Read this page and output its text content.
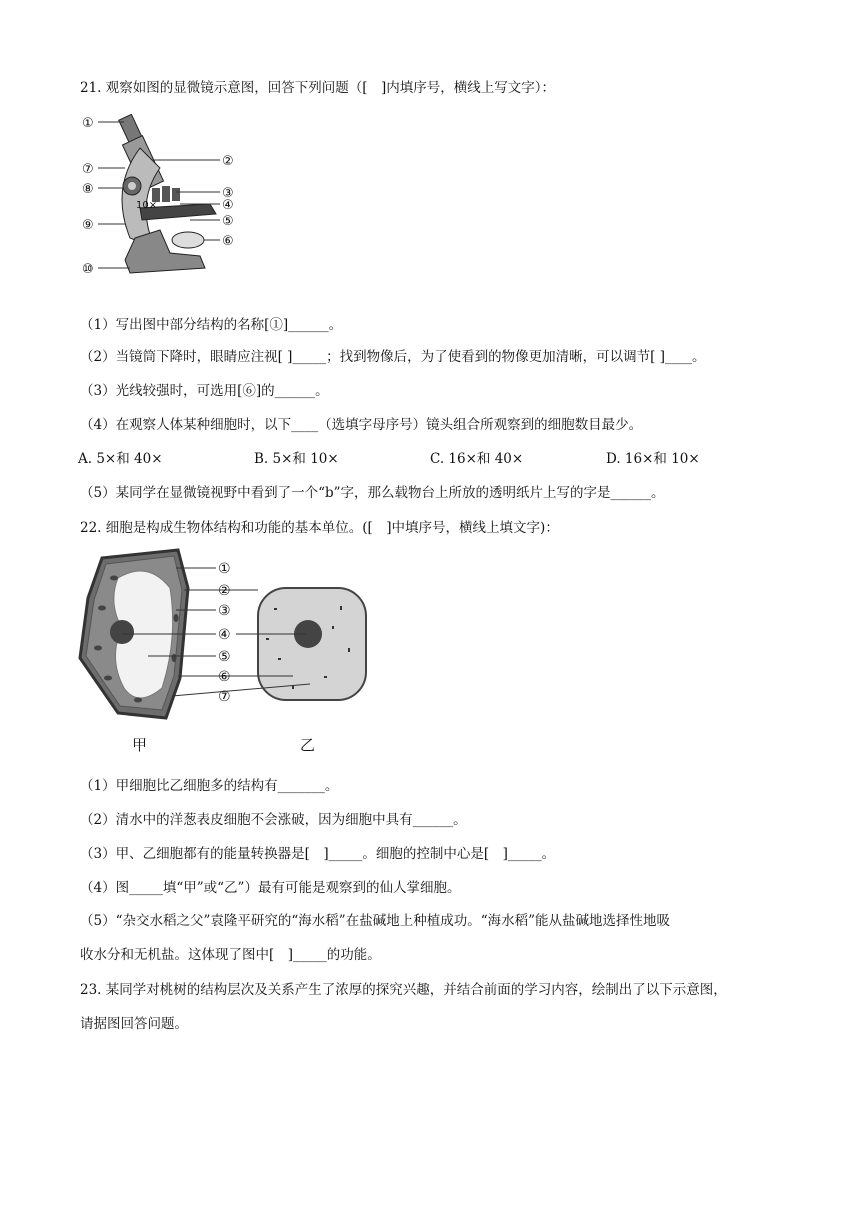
21. 观察如图的显微镜示意图，回答下列问题（[　]内填序号，横线上写文字）：
①
②
③
④
⑤
⑥
⑦
⑧
⑨
⑩
10×
（1）写出图中部分结构的名称[①]______。
（2）当镜筒下降时，眼睛应注视[ ]_____；找到物像后，为了使看到的物像更加清晰，可以调节[ ]____。
（3）光线较强时，可选用[⑥]的______。
（4）在观察人体某种细胞时，以下____（选填字母序号）镜头组合所观察到的细胞数目最少。
A. 5×和 40×	B. 5×和 10×	C. 16×和 40×	D. 16×和 10×
（5）某同学在显微镜视野中看到了一个“b”字，那么载物台上所放的透明纸片上写的字是______。
22. 细胞是构成生物体结构和功能的基本单位。([　]中填序号，横线上填文字)：
①
②
③
④
⑤
⑥
⑦
甲	乙
（1）甲细胞比乙细胞多的结构有_______。
（2）清水中的洋葱表皮细胞不会涨破，因为细胞中具有______。
（3）甲、乙细胞都有的能量转换器是[　]_____。细胞的控制中心是[　]_____。
（4）图_____填“甲”或“乙”）最有可能是观察到的仙人掌细胞。
（5）“杂交水稻之父”袁隆平研究的“海水稻”在盐碱地上种植成功。“海水稻”能从盐碱地选择性地吸
收水分和无机盐。这体现了图中[　]_____的功能。
23. 某同学对桃树的结构层次及关系产生了浓厚的探究兴趣，并结合前面的学习内容，绘制出了以下示意图，
请据图回答问题。
